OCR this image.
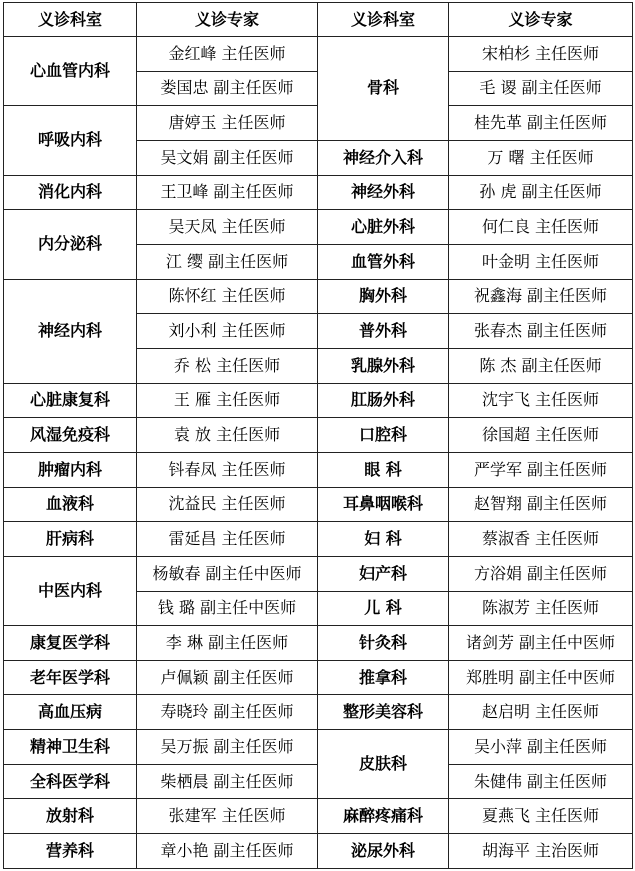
义诊科室	义诊专家	义诊科室	义诊专家
心血管内科	金红峰 主任医师	骨科	宋柏杉 主任医师
	娄国忠 副主任医师		毛 谡 副主任医师
呼吸内科	唐婷玉 主任医师		桂先革 副主任医师
	吴文娟 副主任医师	神经介入科	万 曙 主任医师
消化内科	王卫峰 副主任医师	神经外科	孙 虎 副主任医师
内分泌科	吴天凤 主任医师	心脏外科	何仁良 主任医师
	江 缨 副主任医师	血管外科	叶金明 主任医师
神经内科	陈怀红 主任医师	胸外科	祝鑫海 副主任医师
	刘小利 主任医师	普外科	张春杰 副主任医师
	乔 松 主任医师	乳腺外科	陈 杰 副主任医师
心脏康复科	王 雁 主任医师	肛肠外科	沈宇飞 主任医师
风湿免疫科	袁 放 主任医师	口腔科	徐国超 主任医师
肿瘤内科	钭春凤 主任医师	眼 科	严学军 副主任医师
血液科	沈益民 主任医师	耳鼻咽喉科	赵智翔 副主任医师
肝病科	雷延昌 主任医师	妇 科	蔡淑香 主任医师
中医内科	杨敏春 副主任中医师	妇产科	方浴娟 副主任医师
	钱 璐 副主任中医师	儿 科	陈淑芳 主任医师
康复医学科	李 琳 副主任医师	针灸科	诸剑芳 副主任中医师
老年医学科	卢佩颖 副主任医师	推拿科	郑胜明 副主任中医师
高血压病	寿晓玲 副主任医师	整形美容科	赵启明 主任医师
精神卫生科	吴万振 副主任医师	皮肤科	吴小萍 副主任医师
全科医学科	柴栖晨 副主任医师		朱健伟 副主任医师
放射科	张建军 主任医师	麻醉疼痛科	夏燕飞 主任医师
营养科	章小艳 副主任医师	泌尿外科	胡海平 主治医师
